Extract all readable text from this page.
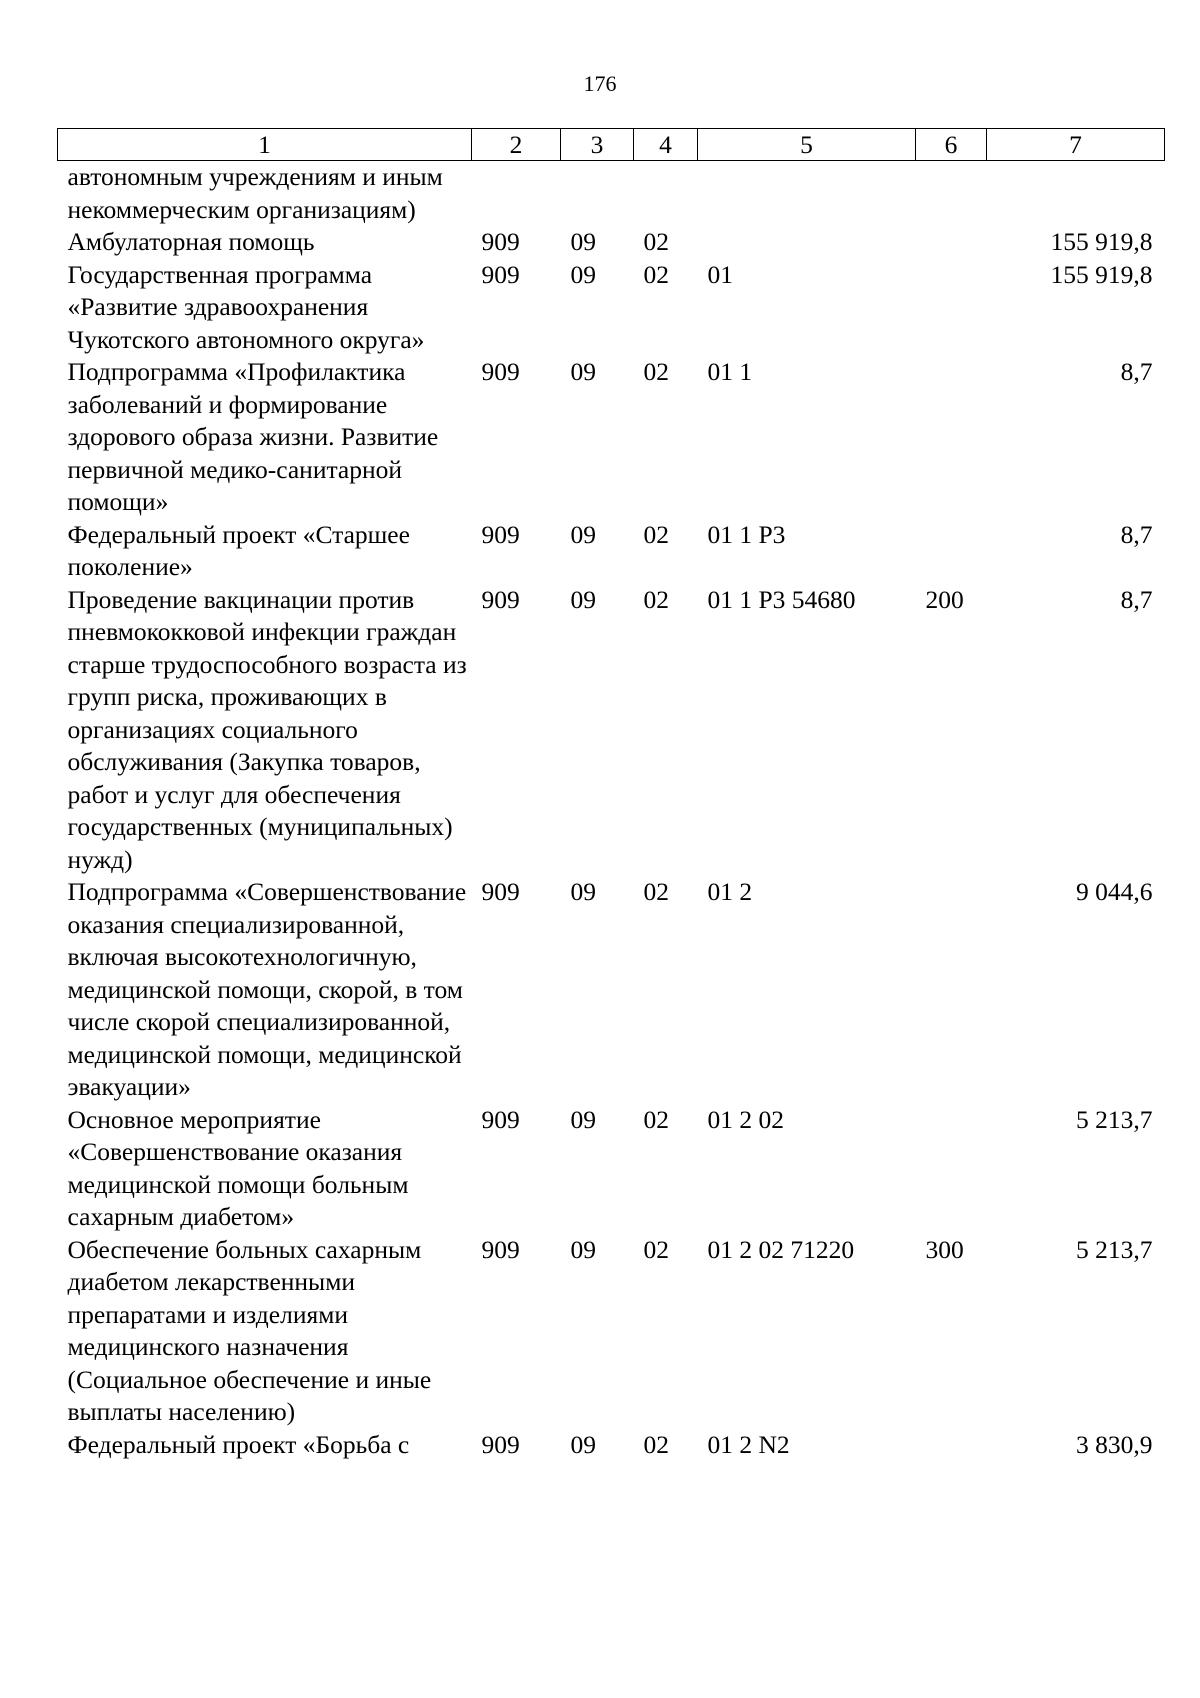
176
1	2	3	4	5	6	7
автономным учреждениям и иным некоммерческим организациям)						
Амбулаторная помощь	909	09	02			155 919,8
Государственная программа «Развитие здравоохранения Чукотского автономного округа»	909	09	02	01		155 919,8
Подпрограмма «Профилактика заболеваний и формирование здорового образа жизни. Развитие первичной медико-санитарной помощи»	909	09	02	01 1		8,7
Федеральный проект «Старшее поколение»	909	09	02	01 1 P3		8,7
Проведение вакцинации против пневмококковой инфекции граждан старше трудоспособного возраста из групп риска, проживающих в организациях социального обслуживания (Закупка товаров, работ и услуг для обеспечения государственных (муниципальных) нужд)	909	09	02	01 1 P3 54680	200	8,7
Подпрограмма «Совершенствование оказания специализированной, включая высокотехнологичную, медицинской помощи, скорой, в том числе скорой специализированной, медицинской помощи, медицинской эвакуации»	909	09	02	01 2		9 044,6
Основное мероприятие «Совершенствование оказания медицинской помощи больным сахарным диабетом»	909	09	02	01 2 02		5 213,7
Обеспечение больных сахарным диабетом лекарственными препаратами и изделиями медицинского назначения (Социальное обеспечение и иные выплаты населению)	909	09	02	01 2 02 71220	300	5 213,7
Федеральный проект «Борьба с	909	09	02	01 2 N2		3 830,9
